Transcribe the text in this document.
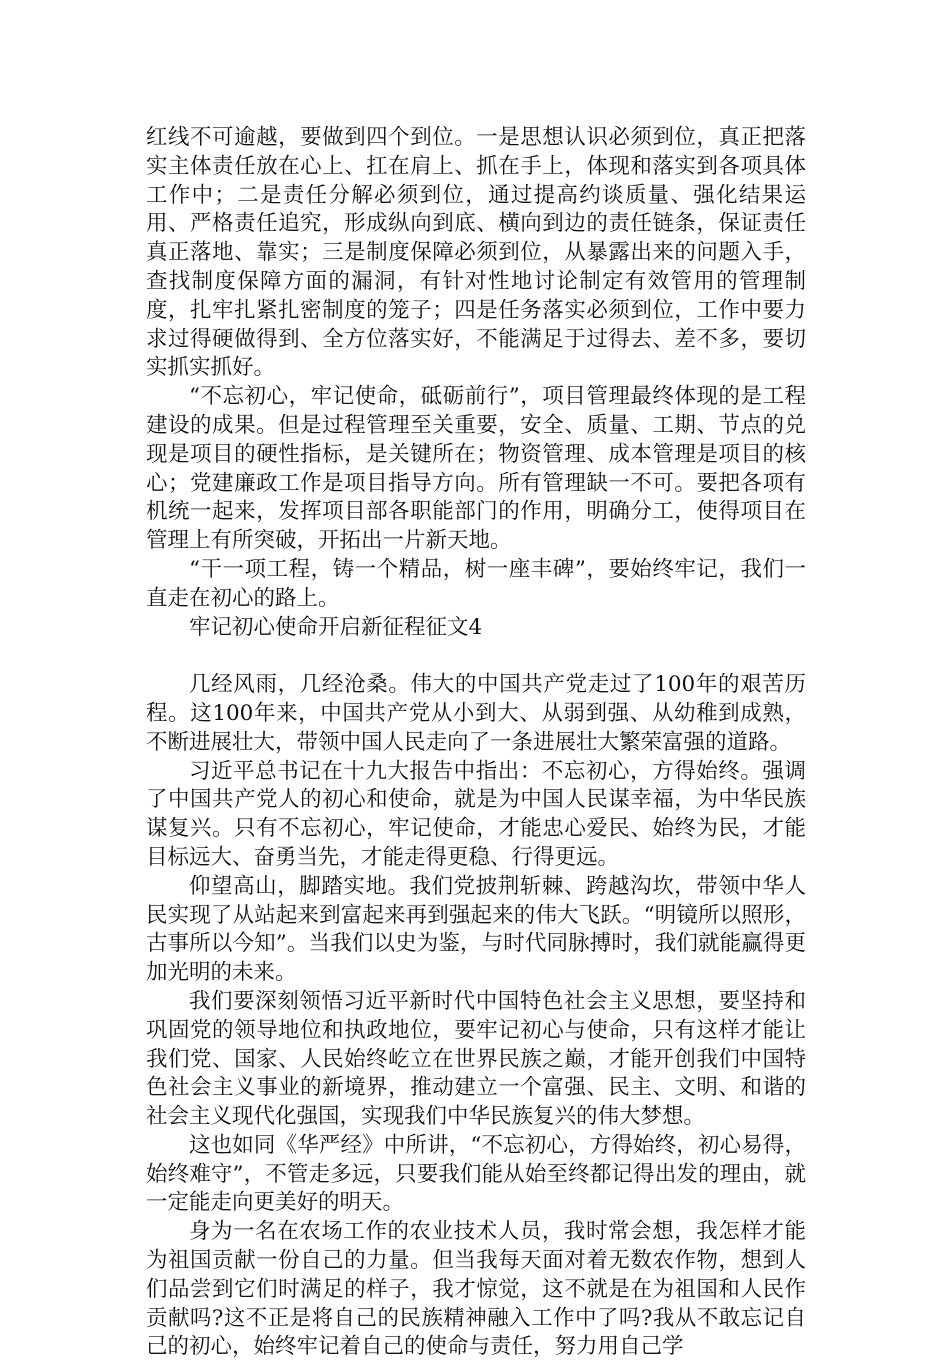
红线不可逾越，要做到四个到位。一是思想认识必须到位，真正把落实主体责任放在心上、扛在肩上、抓在手上，体现和落实到各项具体工作中；二是责任分解必须到位，通过提高约谈质量、强化结果运用、严格责任追究，形成纵向到底、横向到边的责任链条，保证责任真正落地、靠实；三是制度保障必须到位，从暴露出来的问题入手，查找制度保障方面的漏洞，有针对性地讨论制定有效管用的管理制度，扎牢扎紧扎密制度的笼子；四是任务落实必须到位，工作中要力求过得硬做得到、全方位落实好，不能满足于过得去、差不多，要切实抓实抓好。

“不忘初心，牢记使命，砥砺前行”，项目管理最终体现的是工程建设的成果。但是过程管理至关重要，安全、质量、工期、节点的兑现是项目的硬性指标，是关键所在；物资管理、成本管理是项目的核心；党建廉政工作是项目指导方向。所有管理缺一不可。要把各项有机统一起来，发挥项目部各职能部门的作用，明确分工，使得项目在管理上有所突破，开拓出一片新天地。

“干一项工程，铸一个精品，树一座丰碑”，要始终牢记，我们一直走在初心的路上。

牢记初心使命开启新征程征文4

几经风雨，几经沧桑。伟大的中国共产党走过了100年的艰苦历程。这100年来，中国共产党从小到大、从弱到强、从幼稚到成熟，不断进展壮大，带领中国人民走向了一条进展壮大繁荣富强的道路。

习近平总书记在十九大报告中指出：不忘初心，方得始终。强调了中国共产党人的初心和使命，就是为中国人民谋幸福，为中华民族谋复兴。只有不忘初心，牢记使命，才能忠心爱民、始终为民，才能目标远大、奋勇当先，才能走得更稳、行得更远。

仰望高山，脚踏实地。我们党披荆斩棘、跨越沟坎，带领中华人民实现了从站起来到富起来再到强起来的伟大飞跃。“明镜所以照形，古事所以今知”。当我们以史为鉴，与时代同脉搏时，我们就能赢得更加光明的未来。

我们要深刻领悟习近平新时代中国特色社会主义思想，要坚持和巩固党的领导地位和执政地位，要牢记初心与使命，只有这样才能让我们党、国家、人民始终屹立在世界民族之巅，才能开创我们中国特色社会主义事业的新境界，推动建立一个富强、民主、文明、和谐的社会主义现代化强国，实现我们中华民族复兴的伟大梦想。

这也如同《华严经》中所讲，“不忘初心，方得始终，初心易得，始终难守”，不管走多远，只要我们能从始至终都记得出发的理由，就一定能走向更美好的明天。

身为一名在农场工作的农业技术人员，我时常会想，我怎样才能为祖国贡献一份自己的力量。但当我每天面对着无数农作物，想到人们品尝到它们时满足的样子，我才惊觉，这不就是在为祖国和人民作贡献吗?这不正是将自己的民族精神融入工作中了吗?我从不敢忘记自己的初心，始终牢记着自己的使命与责任，努力用自己学
